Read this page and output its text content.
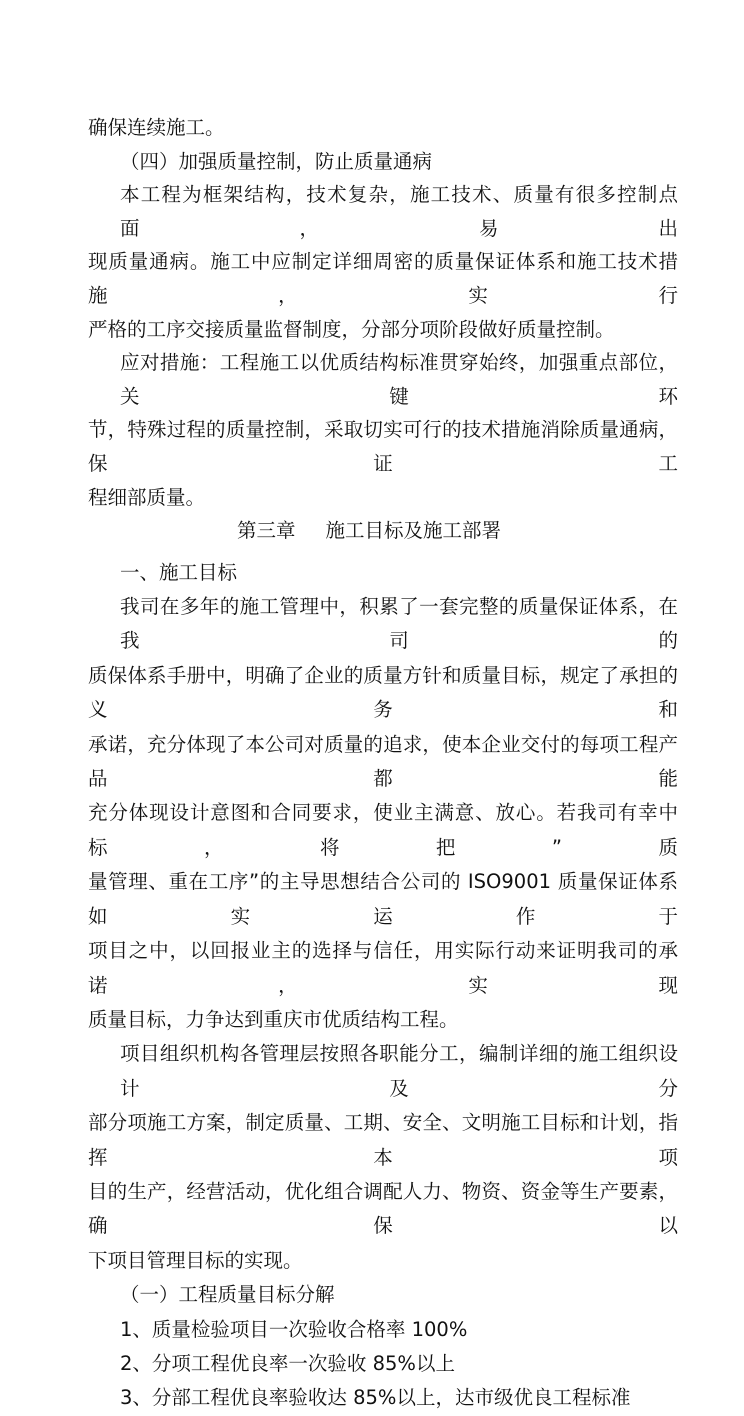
确保连续施工。
（四）加强质量控制，防止质量通病
本工程为框架结构，技术复杂，施工技术、质量有很多控制点面，易出
现质量通病。施工中应制定详细周密的质量保证体系和施工技术措施，实行
严格的工序交接质量监督制度，分部分项阶段做好质量控制。
应对措施：工程施工以优质结构标准贯穿始终，加强重点部位，关键环
节，特殊过程的质量控制，采取切实可行的技术措施消除质量通病，保证工
程细部质量。
第三章 施工目标及施工部署
一、施工目标
我司在多年的施工管理中，积累了一套完整的质量保证体系，在我司的
质保体系手册中，明确了企业的质量方针和质量目标，规定了承担的义务和
承诺，充分体现了本公司对质量的追求，使本企业交付的每项工程产品都能
充分体现设计意图和合同要求，使业主满意、放心。若我司有幸中标，将把”质
量管理、重在工序”的主导思想结合公司的 ISO9001 质量保证体系如实运作于
项目之中，以回报业主的选择与信任，用实际行动来证明我司的承诺，实现
质量目标，力争达到重庆市优质结构工程。
项目组织机构各管理层按照各职能分工，编制详细的施工组织设计及分
部分项施工方案，制定质量、工期、安全、文明施工目标和计划，指挥本项
目的生产，经营活动，优化组合调配人力、物资、资金等生产要素，确保以
下项目管理目标的实现。
（一）工程质量目标分解
1、质量检验项目一次验收合格率 100%
2、分项工程优良率一次验收 85%以上
3、分部工程优良率验收达 85%以上，达市级优良工程标准
